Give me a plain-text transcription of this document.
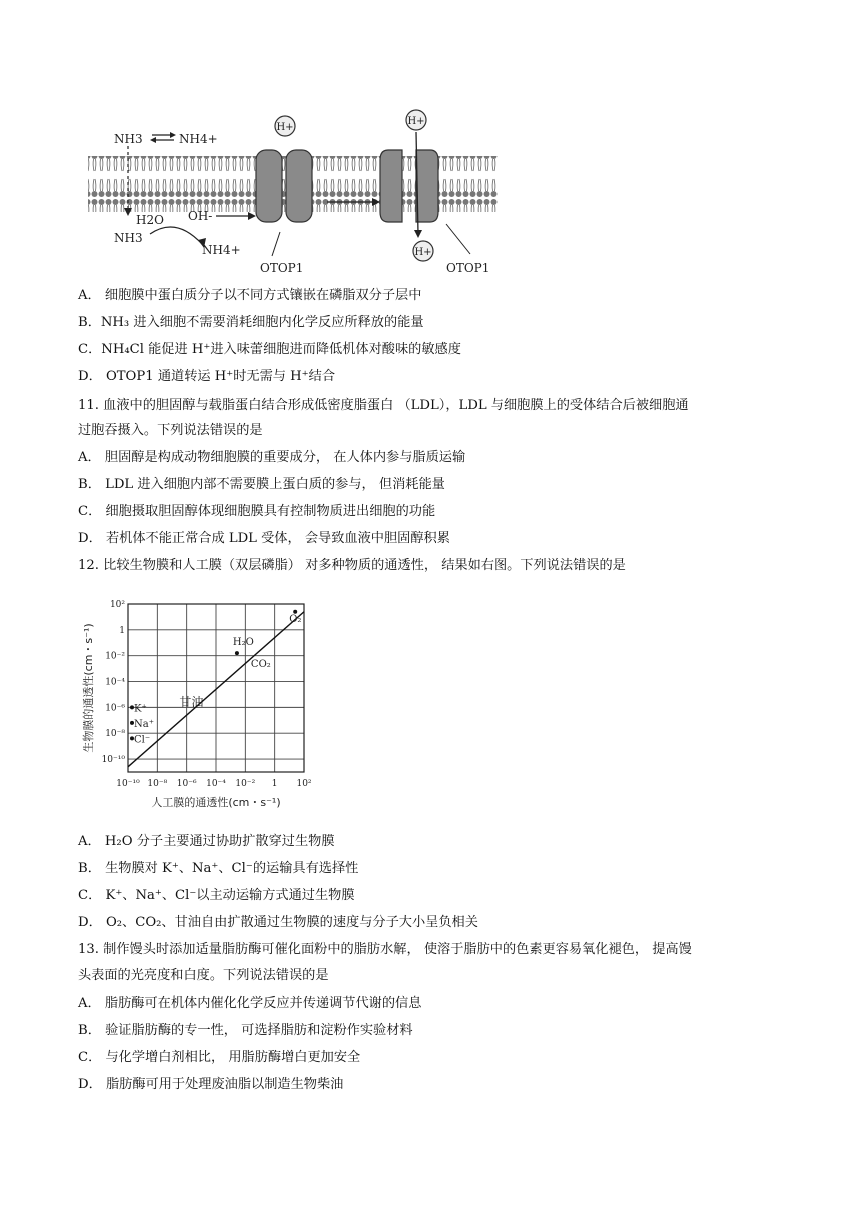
H+
H+
H+
NH3	NH4+
H2O OH-
NH3
NH4+
OTOP1	OTOP1
A． 细胞膜中蛋白质分子以不同方式镶嵌在磷脂双分子层中
B．NH₃ 进入细胞不需要消耗细胞内化学反应所释放的能量
C．NH₄Cl 能促进 H⁺进入味蕾细胞进而降低机体对酸味的敏感度
D． OTOP1 通道转运 H⁺时无需与 H⁺结合
11. 血液中的胆固醇与载脂蛋白结合形成低密度脂蛋白 （LDL），LDL 与细胞膜上的受体结合后被细胞通
过胞吞摄入。下列说法错误的是
A． 胆固醇是构成动物细胞膜的重要成分， 在人体内参与脂质运输
B． LDL 进入细胞内部不需要膜上蛋白质的参与， 但消耗能量
C． 细胞摄取胆固醇体现细胞膜具有控制物质进出细胞的功能
D． 若机体不能正常合成 LDL 受体， 会导致血液中胆固醇积累
12. 比较生物膜和人工膜（双层磷脂） 对多种物质的通透性， 结果如右图。下列说法错误的是
10⁻¹⁰ 10⁻⁸ 10⁻⁶ 10⁻⁴ 10⁻² 1 10²
10²
1
10⁻²
10⁻⁴
10⁻⁶
10⁻⁸
10⁻¹⁰
人工膜的通透性(cm・s⁻¹)
生物膜的通透性(cm・s⁻¹)
O₂
H₂O
CO₂
K⁺
Na⁺
Cl⁻
甘油
A． H₂O 分子主要通过协助扩散穿过生物膜
B． 生物膜对 K⁺、Na⁺、Cl⁻的运输具有选择性
C． K⁺、Na⁺、Cl⁻以主动运输方式通过生物膜
D． O₂、CO₂、甘油自由扩散通过生物膜的速度与分子大小呈负相关
13. 制作馒头时添加适量脂肪酶可催化面粉中的脂肪水解， 使溶于脂肪中的色素更容易氧化褪色， 提高馒
头表面的光亮度和白度。下列说法错误的是
A． 脂肪酶可在机体内催化化学反应并传递调节代谢的信息
B． 验证脂肪酶的专一性， 可选择脂肪和淀粉作实验材料
C． 与化学增白剂相比， 用脂肪酶增白更加安全
D． 脂肪酶可用于处理废油脂以制造生物柴油
